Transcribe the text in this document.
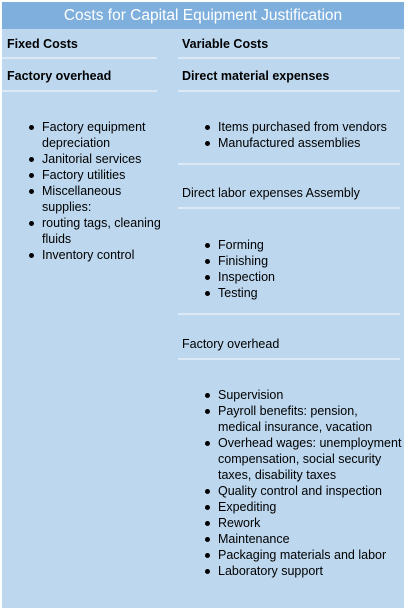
Costs for Capital Equipment Justification
Fixed Costs
Factory overhead
Factory equipment depreciation
Janitorial services
Factory utilities
Miscellaneous supplies:
routing tags, cleaning fluids
Inventory control
Variable Costs
Direct material expenses
Items purchased from vendors
Manufactured assemblies
Direct labor expenses Assembly
Forming
Finishing
Inspection
Testing
Factory overhead
Supervision
Payroll benefits: pension, medical insurance, vacation
Overhead wages: unemployment compensation, social security taxes, disability taxes
Quality control and inspection
Expediting
Rework
Maintenance
Packaging materials and labor
Laboratory support
